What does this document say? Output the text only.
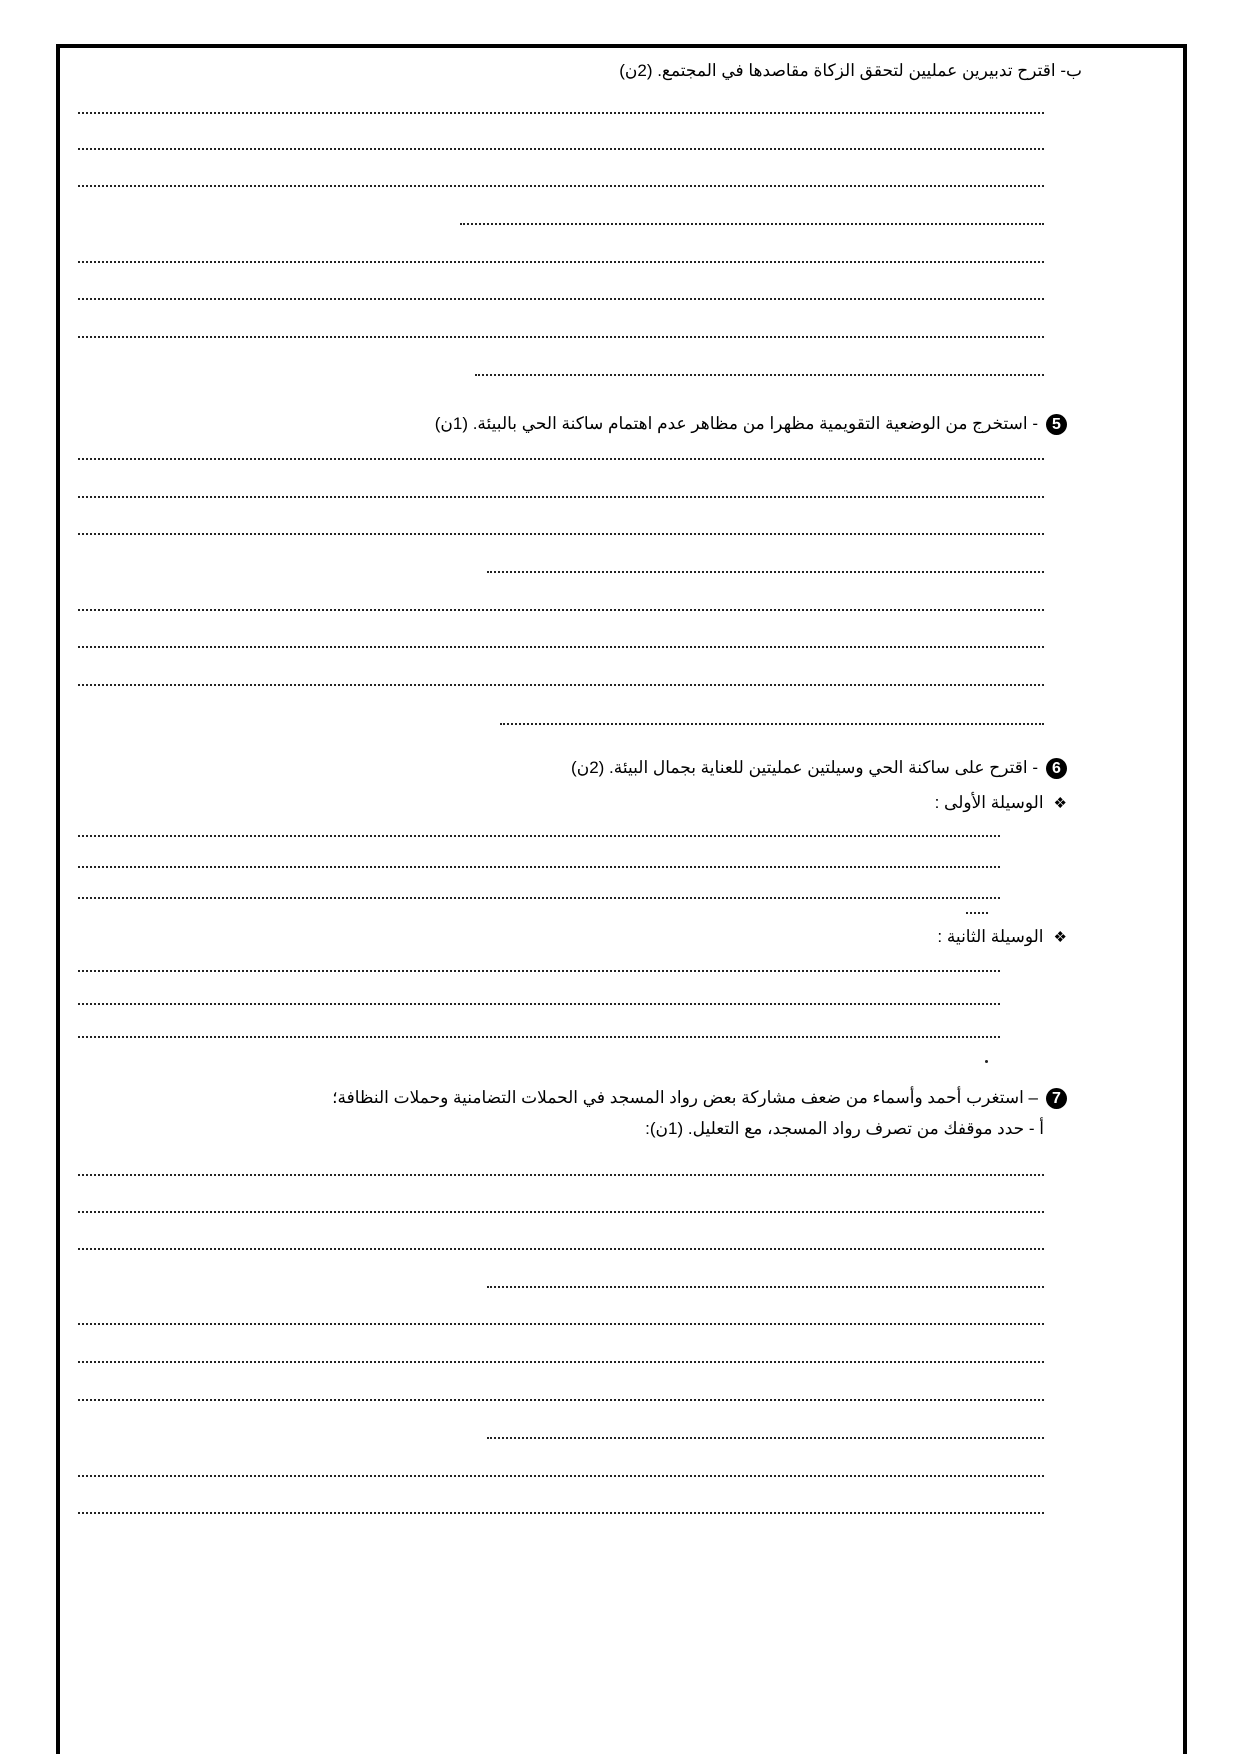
ب- اقترح تدبيرين عمليين لتحقق الزكاة مقاصدها في المجتمع. (2ن)
5- استخرج من الوضعية التقويمية مظهرا من مظاهر عدم اهتمام ساكنة الحي بالبيئة. (1ن)
6- اقترح على ساكنة الحي وسيلتين عمليتين للعناية بجمال البيئة. (2ن)
❖الوسيلة الأولى :
❖الوسيلة الثانية :
7– استغرب أحمد وأسماء من ضعف مشاركة بعض رواد المسجد في الحملات التضامنية وحملات النظافة؛
أ - حدد موقفك من تصرف رواد المسجد، مع التعليل. (1ن):
